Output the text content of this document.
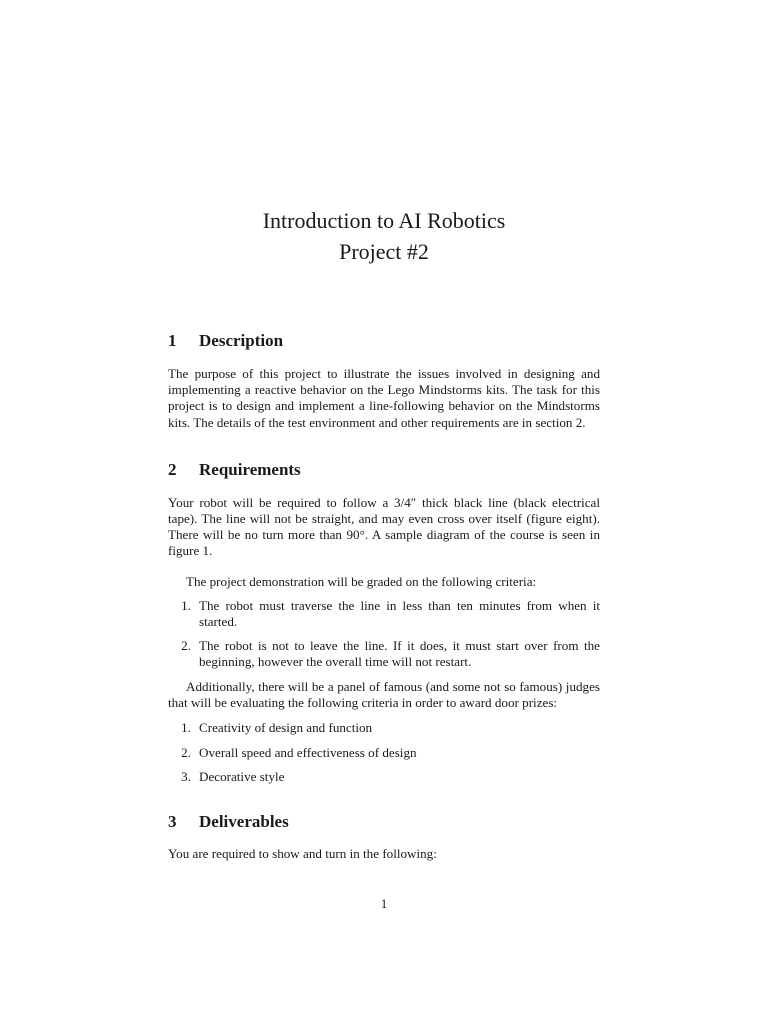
Introduction to AI Robotics
Project #2
1	Description

The purpose of this project to illustrate the issues involved in designing and implementing a reactive behavior on the Lego Mindstorms kits. The task for this project is to design and implement a line-following behavior on the Mindstorms kits. The details of the test environment and other requirements are in section 2.

2	Requirements

Your robot will be required to follow a 3/4″ thick black line (black electrical tape). The line will not be straight, and may even cross over itself (figure eight). There will be no turn more than 90°. A sample diagram of the course is seen in figure 1.

The project demonstration will be graded on the following criteria:

1. The robot must traverse the line in less than ten minutes from when it started.
2. The robot is not to leave the line. If it does, it must start over from the beginning, however the overall time will not restart.

Additionally, there will be a panel of famous (and some not so famous) judges that will be evaluating the following criteria in order to award door prizes:

1. Creativity of design and function
2. Overall speed and effectiveness of design
3. Decorative style
3	Deliverables

You are required to show and turn in the following:

1
